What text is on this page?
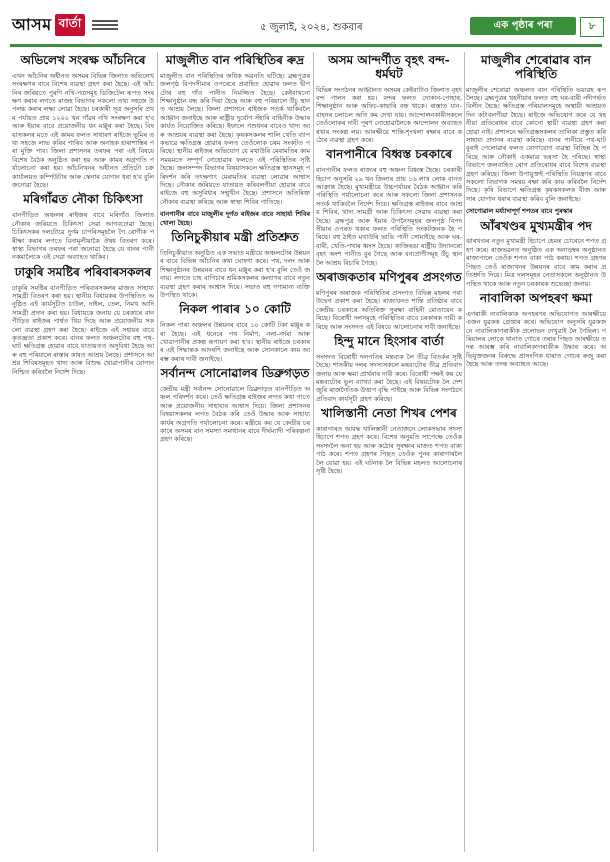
আসম বাৰ্তা	৫ জুলাই, ২০২৪, শুকবাৰ	এক পৃষ্ঠাৰ পৰা	৮
অভিলেখ সংৰক্ষ আঁচনিৰে

এখন আঁচনিৰ অধীনত অসমৰ বিভিন্ন জিলাত অভিলেখ সংৰক্ষণৰ বাবে বিশেষ ব্যৱস্থা গ্ৰহণ কৰা হৈছে। এই আঁচনিৰ জৰিয়তে পুৰণি নথি-পত্ৰসমূহ ডিজিটেল ৰূপত সংৰক্ষণ কৰাৰ লগতে ৰাজহ বিভাগৰ সকলো তথ্য সহজে উপলব্ধ কৰাৰ লক্ষ্য লোৱা হৈছে। চৰকাৰী সূত্ৰ অনুসৰি প্ৰথম পৰ্যায়ত প্ৰায় ১২০০ খন গাঁৱৰ নথি সংৰক্ষণ কৰা হ'ব আৰু ইয়াৰ বাবে প্ৰয়োজনীয় ধন মঞ্জুৰ কৰা হৈছে। বিষয়াসকলৰ মতে এই কামৰ ফলত সাধাৰণ ৰাইজে ভূমিৰ তথ্য সহজে লাভ কৰিব পাৰিব আৰু অনাহক হাৰাশাস্তিৰ পৰা মুক্তি পাব। জিলা প্ৰশাসনৰ তৰফৰ পৰা এই বিষয়ে বিশেষ বৈঠক অনুষ্ঠিত কৰা হয় আৰু কামৰ অগ্ৰগতি পৰ্যালোচনা কৰা হয়। আঁচনিখনৰ অধীনত প্ৰতিটো চক্ৰ কাৰ্যালয়ত কম্পিউটাৰ আৰু স্কেনাৰ যোগান ধৰা হ'ব বুলি জনোৱা হৈছে।

মৰিগাঁৱত নৌকা চিকিৎসা

বানপীড়িত অঞ্চলৰ ৰাইজৰ বাবে মৰিগাঁও জিলাত নৌকাৰ জৰিয়তে চিকিৎসা সেৱা আগবঢ়োৱা হৈছে। চিকিৎসকৰ দলটোৱে দুৰ্গম চাপৰিসমূহলৈ গৈ ৰোগীক পৰীক্ষা কৰাৰ লগতে বিনামূলীয়াকৈ ঔষধ বিতৰণ কৰে। স্বাস্থ্য বিভাগৰ তৰফৰ পৰা জনোৱা হৈছে যে বানৰ পানী নকমালৈকে এই সেৱা অব্যাহত থাকিব।

ঢাকুৰি সমষ্টিৰ পৰিবাৰসকলৰ

ঢাকুৰি সমষ্টিৰ বানপীড়িত পৰিবাৰসকলৰ মাজত সাহায্য সামগ্ৰী বিতৰণ কৰা হয়। স্থানীয় বিধায়কৰ উপস্থিতিত অনুষ্ঠিত এই কাৰ্যসূচীত চাউল, দাইল, তেল, নিমখ আদি সামগ্ৰী প্ৰদান কৰা হয়। বিধায়কে জনায় যে চৰকাৰে বানপীড়িত ৰাইজৰ পাৰ্শ্বত থিয় দিছে আৰু প্ৰয়োজনীয় সকলো ব্যৱস্থা গ্ৰহণ কৰা হৈছে। ৰাইজে এই সহায়ৰ বাবে কৃতজ্ঞতা প্ৰকাশ কৰে। বানৰ ফলত অঞ্চলটোৰ বহু পথ-ঘাট ক্ষতিগ্ৰস্ত হোৱাৰ বাবে যাতায়তত অসুবিধা হৈছে আৰু বহু পৰিয়ালে ৰাস্তাৰ কাষত আশ্ৰয় লৈছে। প্ৰশাসনে আশ্ৰয় শিবিৰসমূহত খাদ্য আৰু বিশুদ্ধ খোৱাপানীৰ যোগান নিশ্চিত কৰিবলৈ নিৰ্দেশ দিছে।

মাজুলীত বান পৰিস্থিতিৰ ৰুদ্ৰ

মাজুলীত বান পৰিস্থিতিৰ অধিক অৱনতি ঘটিছে। ব্ৰহ্মপুত্ৰৰ জলপৃষ্ঠ বিপদসীমাৰ ওপৰেৰে প্ৰবাহিত হোৱাৰ ফলত দ্বীপটোৰ বহু গাঁও পানীত নিমজ্জিত হৈছে। কেইবাখনো শিক্ষানুষ্ঠান বন্ধ কৰি দিয়া হৈছে আৰু বহু পৰিয়ালে উঁচু স্থানত আশ্ৰয় লৈছে। জিলা প্ৰশাসনে ৰাইজক সতৰ্ক থাকিবলৈ আহ্বান জনাইছে আৰু ৰাষ্ট্ৰীয় দুৰ্যোগ সঁহাৰি বাহিনীক উদ্ধাৰ কাৰ্যত নিয়োজিত কৰিছে। ইফালে পশুধনৰ বাবেও খাদ্য আৰু আশ্ৰয়ৰ ব্যৱস্থা কৰা হৈছে। কৃষকসকলৰ শালি খেতি ব্যাপকভাৱে ক্ষতিগ্ৰস্ত হোৱাৰ ফলত তেওঁলোক চৰম সংকটত পৰিছে। স্থানীয় ৰাইজৰ অভিযোগ যে মথাউৰি মেৰামতিৰ কাম সময়মতে সম্পূৰ্ণ নোহোৱাৰ ফলতে এই পৰিস্থিতিৰ সৃষ্টি হৈছে। জলসম্পদ বিভাগৰ বিষয়াসকলে ক্ষতিগ্ৰস্ত স্থানসমূহ পৰিদৰ্শন কৰি তৎক্ষণাৎ মেৰামতিৰ ব্যৱস্থা লোৱাৰ আশ্বাস দিছে। নৌকাৰ জৰিয়তে যাতায়ত কৰিবলগীয়া হোৱাৰ বাবে ৰাইজে বহু অসুবিধাৰ সন্মুখীন হৈছে। প্ৰশাসনে অতিৰিক্ত নৌকাৰ ব্যৱস্থা কৰিছে আৰু স্বাস্থ্য শিবিৰ পাতিছে।

বানপানীৰ বাবে মাজুলীৰ দূৰ্গত ৰাইজৰ বাবে সাহাৰ্য্য শিবিৰ খোলা হৈছে।

তিনিচুকীয়াৰ মন্ত্ৰী প্ৰতিশ্ৰুত

তিনিচুকীয়াত অনুষ্ঠিত এক সভাত মন্ত্ৰীয়ে অঞ্চলটোৰ উন্নয়নৰ বাবে বিভিন্ন আঁচনিৰ কথা ঘোষণা কৰে। পথ, দলং আৰু শিক্ষানুষ্ঠানৰ উন্নয়নৰ বাবে ধন মঞ্জুৰ কৰা হ'ব বুলি তেওঁ জনায়। লগতে চাহ বাগিচাৰ শ্ৰমিকসকলৰ কল্যাণৰ বাবে নতুন ব্যৱস্থা গ্ৰহণ কৰাৰ আশ্বাস দিয়ে। সভাত বহু গণ্যমান্য ব্যক্তি উপস্থিত থাকে।

নিকল পাৰাৰ ১০ কোটি

নিকল পাৰা অঞ্চলৰ উন্নয়নৰ বাবে ১০ কোটি টকা মঞ্জুৰ কৰা হৈছে। এই ধনেৰে পথ নিৰ্মাণ, নলা-নৰ্দমা আৰু খোৱাপানীৰ প্ৰকল্প ৰূপায়ণ কৰা হ'ব। স্থানীয় ৰাইজে চৰকাৰৰ এই সিদ্ধান্তক আদৰণি জনাইছে আৰু সোনকালে কাম আৰম্ভ কৰাৰ দাবী জনাইছে।

সৰ্বানন্দ সোনোৱালৰ ডিব্ৰুগড়ত

কেন্দ্ৰীয় মন্ত্ৰী সৰ্বানন্দ সোনোৱালে ডিব্ৰুগড়ত বানপীড়িত অঞ্চল পৰিদৰ্শন কৰে। তেওঁ ক্ষতিগ্ৰস্ত ৰাইজৰ লগত কথা পাতে আৰু প্ৰয়োজনীয় সাহায্যৰ আশ্বাস দিয়ে। জিলা প্ৰশাসনৰ বিষয়াসকলৰ লগত বৈঠক কৰি তেওঁ উদ্ধাৰ আৰু সাহায্য কাৰ্যৰ অগ্ৰগতি পৰ্যালোচনা কৰে। মন্ত্ৰীয়ে কয় যে কেন্দ্ৰীয় চৰকাৰে অসমৰ বান সমস্যা সমাধানৰ বাবে দীৰ্ঘম্যাদী পৰিকল্পনা গ্ৰহণ কৰিছে।

অসম আন্দৰ্ণীত বৃহৎ বন্দ-ধৰ্মঘট

বিভিন্ন সংগঠনৰ আহ্বানত অসমৰ কেইবাটাও জিলাত বৃহৎ বন্দ পালন কৰা হয়। বন্দৰ ফলত দোকান-পোহাৰ, শিক্ষানুষ্ঠান আৰু অফিচ-কাছাৰি বন্ধ থাকে। ৰাস্তাত যান-বাহনৰ চলাচল অতি কম দেখা যায়। আন্দোলনকাৰীসকলে তেওঁলোকৰ দাবী পূৰণ নোহোৱালৈকে আন্দোলন অব্যাহত ৰখাৰ সংকল্প লয়। আৰক্ষীয়ে শান্তি-শৃংখলা ৰক্ষাৰ বাবে কঠোৰ ব্যৱস্থা গ্ৰহণ কৰে।

বানপানীৰে বিধ্বস্ত চৰকাৰে

বানপানীৰ ফলত ৰাজ্যৰ বহু অঞ্চল বিধ্বস্ত হৈছে। চৰকাৰী হিচাপ অনুসৰি ২৯ খন জিলাৰ প্ৰায় ১৬ লাখ লোক বানত আক্ৰান্ত হৈছে। মুখ্যমন্ত্ৰীয়ে উচ্চপৰ্যায়ৰ বৈঠক আহ্বান কৰি পৰিস্থিতি পৰ্যালোচনা কৰে আৰু সকলো জিলা প্ৰশাসনক সতৰ্ক থাকিবলৈ নিৰ্দেশ দিয়ে। ক্ষতিগ্ৰস্ত ৰাইজৰ বাবে আশ্ৰয় শিবিৰ, খাদ্য সামগ্ৰী আৰু চিকিৎসা সেৱাৰ ব্যৱস্থা কৰা হৈছে। ব্ৰহ্মপুত্ৰ আৰু ইয়াৰ উপনৈসমূহৰ জলপৃষ্ঠ বিপদসীমাৰ ওপৰত থকাৰ ফলত পৰিস্থিতি সংকটজনক হৈ পৰিছে। বহু ঠাইত মথাউৰি ভাঙি পানী সোমাইছে আৰু ঘৰ-বাৰী, খেতি-পথাৰ ধ্বংস হৈছে। কাজিৰঙা ৰাষ্ট্ৰীয় উদ্যানৰো বৃহৎ অংশ পানীত বুৰ গৈছে আৰু বন্যপ্ৰাণীসমূহ উঁচু স্থানলৈ আশ্ৰয় বিচাৰি গৈছে।

অৰাজকতাৰ মণিপুৰৰ প্ৰসংগত

মণিপুৰৰ অৰাজক পৰিস্থিতিৰ প্ৰসংগত বিভিন্ন মহলৰ পৰা উদ্বেগ প্ৰকাশ কৰা হৈছে। ৰাজ্যখনত শান্তি প্ৰতিষ্ঠাৰ বাবে কেন্দ্ৰীয় চৰকাৰে অতিৰিক্ত সুৰক্ষা বাহিনী মোতায়েন কৰিছে। বিৰোধী দলসমূহে পৰিস্থিতিৰ বাবে চৰকাৰক দায়ী কৰিছে আৰু সংসদত এই বিষয়ে আলোচনাৰ দাবী জনাইছে।

হিন্দু মানে হিংসাৰ বাৰ্তা

সংসদত বিৰোধী দলপতিৰ মন্তব্যক লৈ তীব্ৰ বিতৰ্কৰ সৃষ্টি হৈছে। শাসকীয় দলৰ সদস্যসকলে মন্তব্যটোৰ তীব্ৰ প্ৰতিবাদ জনায় আৰু ক্ষমা প্ৰাৰ্থনাৰ দাবী কৰে। বিৰোধী পক্ষই কয় যে মন্তব্যটোৰ ভুল ব্যাখ্যা কৰা হৈছে। এই বিষয়টোক লৈ দেশজুৰি ৰাজনৈতিক উত্তাপ বৃদ্ধি পাইছে আৰু বিভিন্ন সংগঠনে প্ৰতিবাদ কাৰ্যসূচী গ্ৰহণ কৰিছে।

খালিস্তানী নেতা শিখৰ পেশৰ

কাৰাগাৰত আবদ্ধ খালিস্তানী নেতাজনে লোকসভাৰ সদস্য হিচাপে শপত গ্ৰহণ কৰে। বিশেষ অনুমতি সাপেক্ষে তেওঁক সংসদলৈ অনা হয় আৰু কঠোৰ সুৰক্ষাৰ মাজত শপত বাক্য পাঠ কৰে। শপত গ্ৰহণৰ পিছত তেওঁক পুনৰ কাৰাগাৰলৈ লৈ যোৱা হয়। এই ঘটনাক লৈ বিভিন্ন মহলত আলোচনাৰ সৃষ্টি হৈছে।

মাজুলীৰ শেৰোৱাৰ বান পৰিস্থিতি

মাজুলীৰ শেৰোৱা অঞ্চলত বান পৰিস্থিতি ভয়াৱহ ৰূপ লৈছে। ব্ৰহ্মপুত্ৰৰ খহনীয়াৰ ফলত বহু ঘৰ-বাৰী নদীগৰ্ভত বিলীন হৈছে। ক্ষতিগ্ৰস্ত পৰিয়ালসমূহে অস্থায়ী আশ্ৰয়ত দিন কটাবলগীয়া হৈছে। ৰাইজে অভিযোগ কৰে যে খহনীয়া প্ৰতিৰোধৰ বাবে কোনো স্থায়ী ব্যৱস্থা গ্ৰহণ কৰা হোৱা নাই। প্ৰশাসনে ক্ষতিগ্ৰস্তসকলৰ তালিকা প্ৰস্তুত কৰি সাহায্য প্ৰদানৰ ব্যৱস্থা কৰিছে। বানৰ পানীয়ে পথ-ঘাট বুৰাই পেলোৱাৰ ফলত যোগাযোগ ব্যৱস্থা বিচ্ছিন্ন হৈ পৰিছে আৰু নৌকাই একমাত্ৰ ভৰসা হৈ পৰিছে। স্বাস্থ্য বিভাগে জলবাহিত ৰোগ প্ৰতিৰোধৰ বাবে বিশেষ ব্যৱস্থা গ্ৰহণ কৰিছে। জিলা উপায়ুক্তই পৰিস্থিতি নিয়ন্ত্ৰণৰ বাবে সকলো বিভাগক সমন্বয় ৰক্ষা কৰি কাম কৰিবলৈ নিৰ্দেশ দিছে। কৃষি বিভাগে ক্ষতিগ্ৰস্ত কৃষকসকলক বীজ আৰু সাৰ যোগান ধৰাৰ ব্যৱস্থা কৰিব বুলি জনাইছে।

সোণোৱাল মৰ্য্যাদাপূৰ্ণ শপতৰ বাবে পুৰস্কাৰ

আঁৰখণ্ডৰ মুখ্যমন্ত্ৰীৰ পদ

ঝাৰখণ্ডৰ নতুন মুখ্যমন্ত্ৰী হিচাপে হেমন্ত চোৰেনে শপত গ্ৰহণ কৰে। ৰাজভৱনত অনুষ্ঠিত এক অনাড়ম্বৰ অনুষ্ঠানত ৰাজ্যপালে তেওঁক শপত বাক্য পাঠ কৰায়। শপত গ্ৰহণৰ পিছত তেওঁ ৰাজ্যখনৰ উন্নয়নৰ বাবে কাম কৰাৰ প্ৰতিশ্ৰুতি দিয়ে। মিত্ৰ দলসমূহৰ নেতাসকলে অনুষ্ঠানত উপস্থিত থাকে আৰু নতুন চৰকাৰক শুভেচ্ছা জনায়।

নাবালিকা অপহৰণ ক্ষমা

এগৰাকী নাবালিকাক অপহৰণৰ অভিযোগত আৰক্ষীয়ে এজন যুৱকক গ্ৰেপ্তাৰ কৰে। অভিযোগ অনুসৰি যুৱকজনে নাবালিকাগৰাকীক প্ৰলোভন দেখুৱাই লৈ গৈছিল। পৰিয়ালৰ লোকে থানাত গোচৰ তৰাৰ পিছত আৰক্ষীয়ে তদন্ত আৰম্ভ কৰি নাবালিকাগৰাকীক উদ্ধাৰ কৰে। অভিযুক্তজনৰ বিৰুদ্ধে প্ৰাসংগিক ধাৰাত গোচৰ ৰুজু কৰা হৈছে আৰু তদন্ত অব্যাহত আছে।
